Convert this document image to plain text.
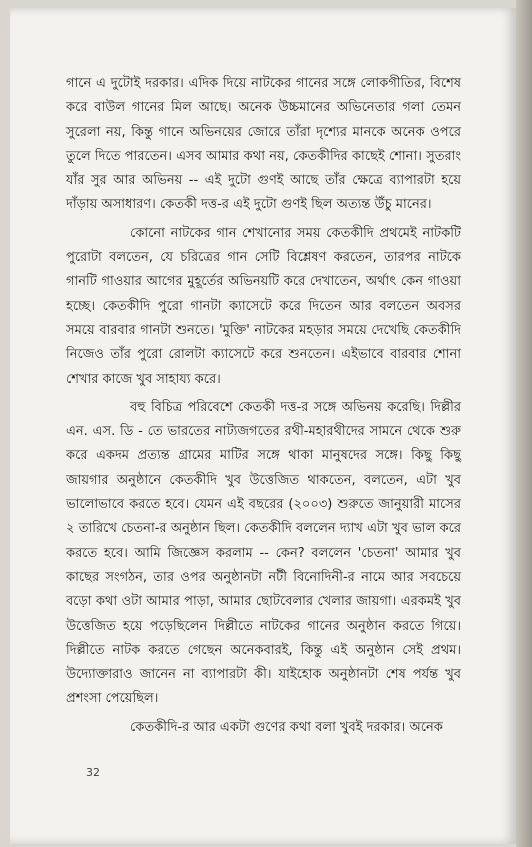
গানে এ দুটোই দরকার। এদিক দিয়ে নাটকের গানের সঙ্গে লোকগীতির, বিশেষ করে বাউল গানের মিল আছে। অনেক উচ্চমানের অভিনেতার গলা তেমন সুরেলা নয়, কিন্তু গানে অভিনয়ের জোরে তাঁরা দৃশ্যের মানকে অনেক ওপরে তুলে দিতে পারতেন। এসব আমার কথা নয়, কেতকীদির কাছেই শোনা। সুতরাং যাঁর সুর আর অভিনয় -- এই দুটো গুণই আছে তাঁর ক্ষেত্রে ব্যাপারটা হয়ে দাঁড়ায় অসাধারণ। কেতকী দত্ত-র এই দুটো গুণই ছিল অত্যন্ত উঁচু মানের।

কোনো নাটকের গান শেখানোর সময় কেতকীদি প্রথমেই নাটকটি পুরোটা বলতেন, যে চরিত্রের গান সেটি বিশ্লেষণ করতেন, তারপর নাটকে গানটি গাওয়ার আগের মুহূর্তের অভিনয়টি করে দেখাতেন, অর্থাৎ কেন গাওয়া হচ্ছে। কেতকীদি পুরো গানটা ক্যাসেটে করে দিতেন আর বলতেন অবসর সময়ে বারবার গানটা শুনতে। 'মুক্তি' নাটকের মহড়ার সময়ে দেখেছি কেতকীদি নিজেও তাঁর পুরো রোলটা ক্যাসেটে করে শুনতেন। এইভাবে বারবার শোনা শেখার কাজে খুব সাহায্য করে।

বহু বিচিত্র পরিবেশে কেতকী দত্ত-র সঙ্গে অভিনয় করেছি। দিল্লীর এন. এস. ডি - তে ভারতের নাট্যজগতের রথী-মহারথীদের সামনে থেকে শুরু করে একদম প্রত্যন্ত গ্রামের মাটির সঙ্গে থাকা মানুষদের সঙ্গে। কিছু কিছু জায়গার অনুষ্ঠানে কেতকীদি খুব উত্তেজিত থাকতেন, বলতেন, এটা খুব ভালোভাবে করতে হবে। যেমন এই বছরের (২০০৩) শুরুতে জানুয়ারী মাসের ২ তারিখে চেতনা-র অনুষ্ঠান ছিল। কেতকীদি বললেন দ্যাখ এটা খুব ভাল করে করতে হবে। আমি জিজ্ঞেস করলাম -- কেন? বললেন 'চেতনা' আমার খুব কাছের সংগঠন, তার ওপর অনুষ্ঠানটা নটী বিনোদিনী-র নামে আর সবচেয়ে বড়ো কথা ওটা আমার পাড়া, আমার ছোটবেলার খেলার জায়গা। এরকমই খুব উত্তেজিত হয়ে পড়েছিলেন দিল্লীতে নাটকের গানের অনুষ্ঠান করতে গিয়ে। দিল্লীতে নাটক করতে গেছেন অনেকবারই, কিন্তু এই অনুষ্ঠান সেই প্রথম। উদ্যোক্তারাও জানেন না ব্যাপারটা কী। যাইহোক অনুষ্ঠানটা শেষ পর্যন্ত খুব প্রশংসা পেয়েছিল।

কেতকীদি-র আর একটা গুণের কথা বলা খুবই দরকার। অনেক

32
